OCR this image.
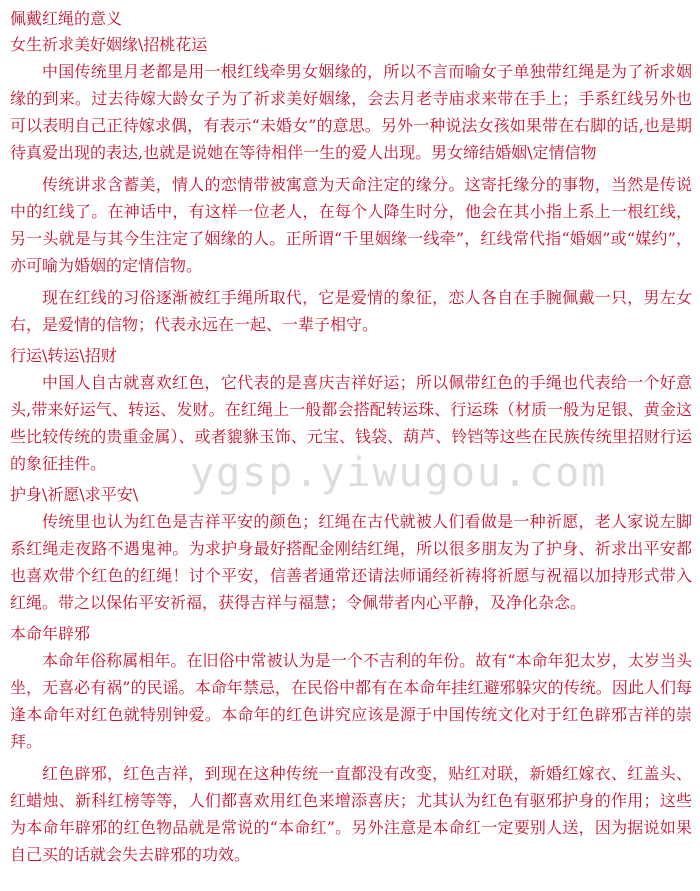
佩戴红绳的意义
女生祈求美好姻缘\招桃花运

中国传统里月老都是用一根红线牵男女姻缘的，所以不言而喻女子单独带红绳是为了祈求姻缘的到来。过去待嫁大龄女子为了祈求美好姻缘，会去月老寺庙求来带在手上；手系红线另外也可以表明自己正待嫁求偶，有表示“未婚女”的意思。另外一种说法女孩如果带在右脚的话,也是期待真爱出现的表达,也就是说她在等待相伴一生的爱人出现。男女缔结婚姻\定情信物

传统讲求含蓄美，情人的恋情带被寓意为天命注定的缘分。这寄托缘分的事物，当然是传说中的红线了。在神话中，有这样一位老人，在每个人降生时分，他会在其小指上系上一根红线，另一头就是与其今生注定了姻缘的人。正所谓“千里姻缘一线牵”，红线常代指“婚姻”或“媒约”，亦可喻为婚姻的定情信物。

现在红线的习俗逐渐被红手绳所取代，它是爱情的象征，恋人各自在手腕佩戴一只，男左女右，是爱情的信物；代表永远在一起、一辈子相守。

行运\转运\招财

中国人自古就喜欢红色，它代表的是喜庆吉祥好运；所以佩带红色的手绳也代表给一个好意头,带来好运气、转运、发财。在红绳上一般都会搭配转运珠、行运珠（材质一般为足银、黄金这些比较传统的贵重金属）、或者貔貅玉饰、元宝、钱袋、葫芦、铃铛等这些在民族传统里招财行运的象征挂件。

护身\祈愿\求平安\

传统里也认为红色是吉祥平安的颜色；红绳在古代就被人们看做是一种祈愿，老人家说左脚系红绳走夜路不遇鬼神。为求护身最好搭配金刚结红绳，所以很多朋友为了护身、祈求出平安都也喜欢带个红色的红绳！讨个平安，信善者通常还请法师诵经祈祷将祈愿与祝福以加持形式带入红绳。带之以保佑平安祈福，获得吉祥与福慧；令佩带者内心平静，及净化杂念。

本命年辟邪

本命年俗称属相年。在旧俗中常被认为是一个不吉利的年份。故有“本命年犯太岁，太岁当头坐，无喜必有祸”的民谣。本命年禁忌，在民俗中都有在本命年挂红避邪躲灾的传统。因此人们每逢本命年对红色就特别钟爱。本命年的红色讲究应该是源于中国传统文化对于红色辟邪吉祥的崇拜。

红色辟邪，红色吉祥，到现在这种传统一直都没有改变，贴红对联，新婚红嫁衣、红盖头、红蜡烛、新科红榜等等，人们都喜欢用红色来增添喜庆；尤其认为红色有驱邪护身的作用；这些为本命年辟邪的红色物品就是常说的“本命红”。另外注意是本命红一定要别人送，因为据说如果自己买的话就会失去辟邪的功效。

ygsp.yiwugou.com
